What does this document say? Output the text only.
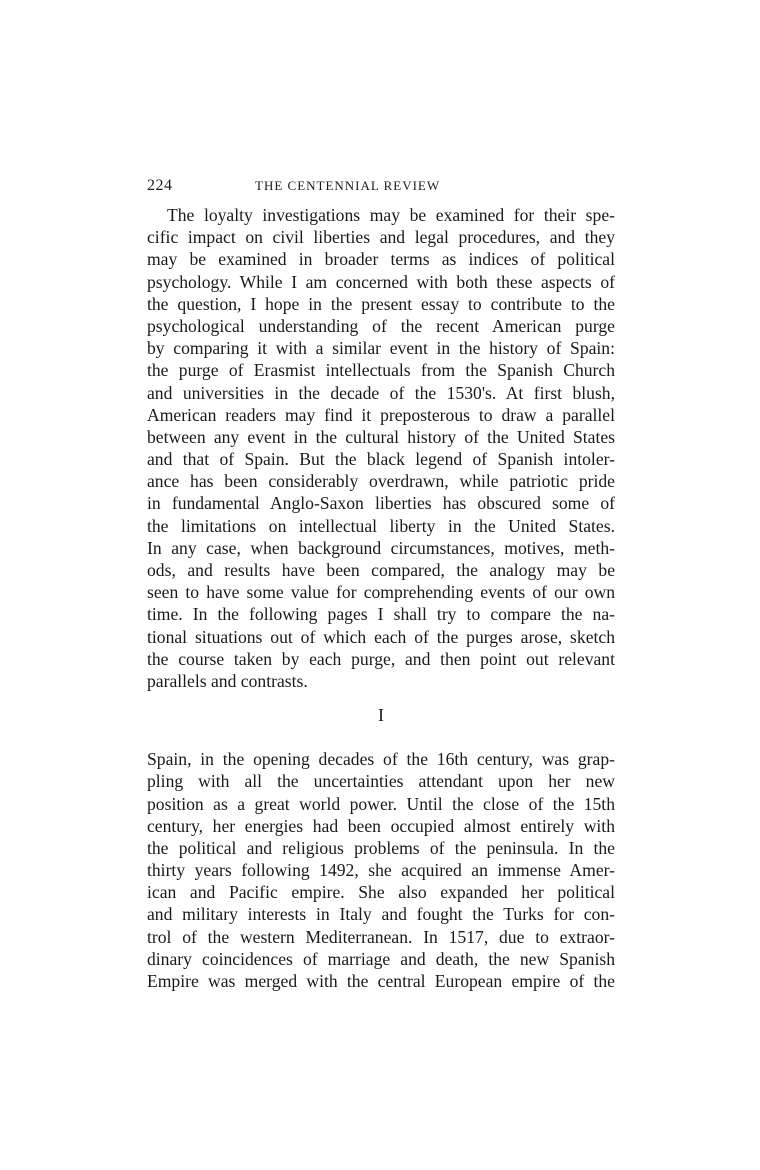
224	THE CENTENNIAL REVIEW
The loyalty investigations may be examined for their spe-
cific impact on civil liberties and legal procedures, and they
may be examined in broader terms as indices of political
psychology. While I am concerned with both these aspects of
the question, I hope in the present essay to contribute to the
psychological understanding of the recent American purge
by comparing it with a similar event in the history of Spain:
the purge of Erasmist intellectuals from the Spanish Church
and universities in the decade of the 1530's. At first blush,
American readers may find it preposterous to draw a parallel
between any event in the cultural history of the United States
and that of Spain. But the black legend of Spanish intoler-
ance has been considerably overdrawn, while patriotic pride
in fundamental Anglo-Saxon liberties has obscured some of
the limitations on intellectual liberty in the United States.
In any case, when background circumstances, motives, meth-
ods, and results have been compared, the analogy may be
seen to have some value for comprehending events of our own
time. In the following pages I shall try to compare the na-
tional situations out of which each of the purges arose, sketch
the course taken by each purge, and then point out relevant
parallels and contrasts.
I
Spain, in the opening decades of the 16th century, was grap-
pling with all the uncertainties attendant upon her new
position as a great world power. Until the close of the 15th
century, her energies had been occupied almost entirely with
the political and religious problems of the peninsula. In the
thirty years following 1492, she acquired an immense Amer-
ican and Pacific empire. She also expanded her political
and military interests in Italy and fought the Turks for con-
trol of the western Mediterranean. In 1517, due to extraor-
dinary coincidences of marriage and death, the new Spanish
Empire was merged with the central European empire of the
